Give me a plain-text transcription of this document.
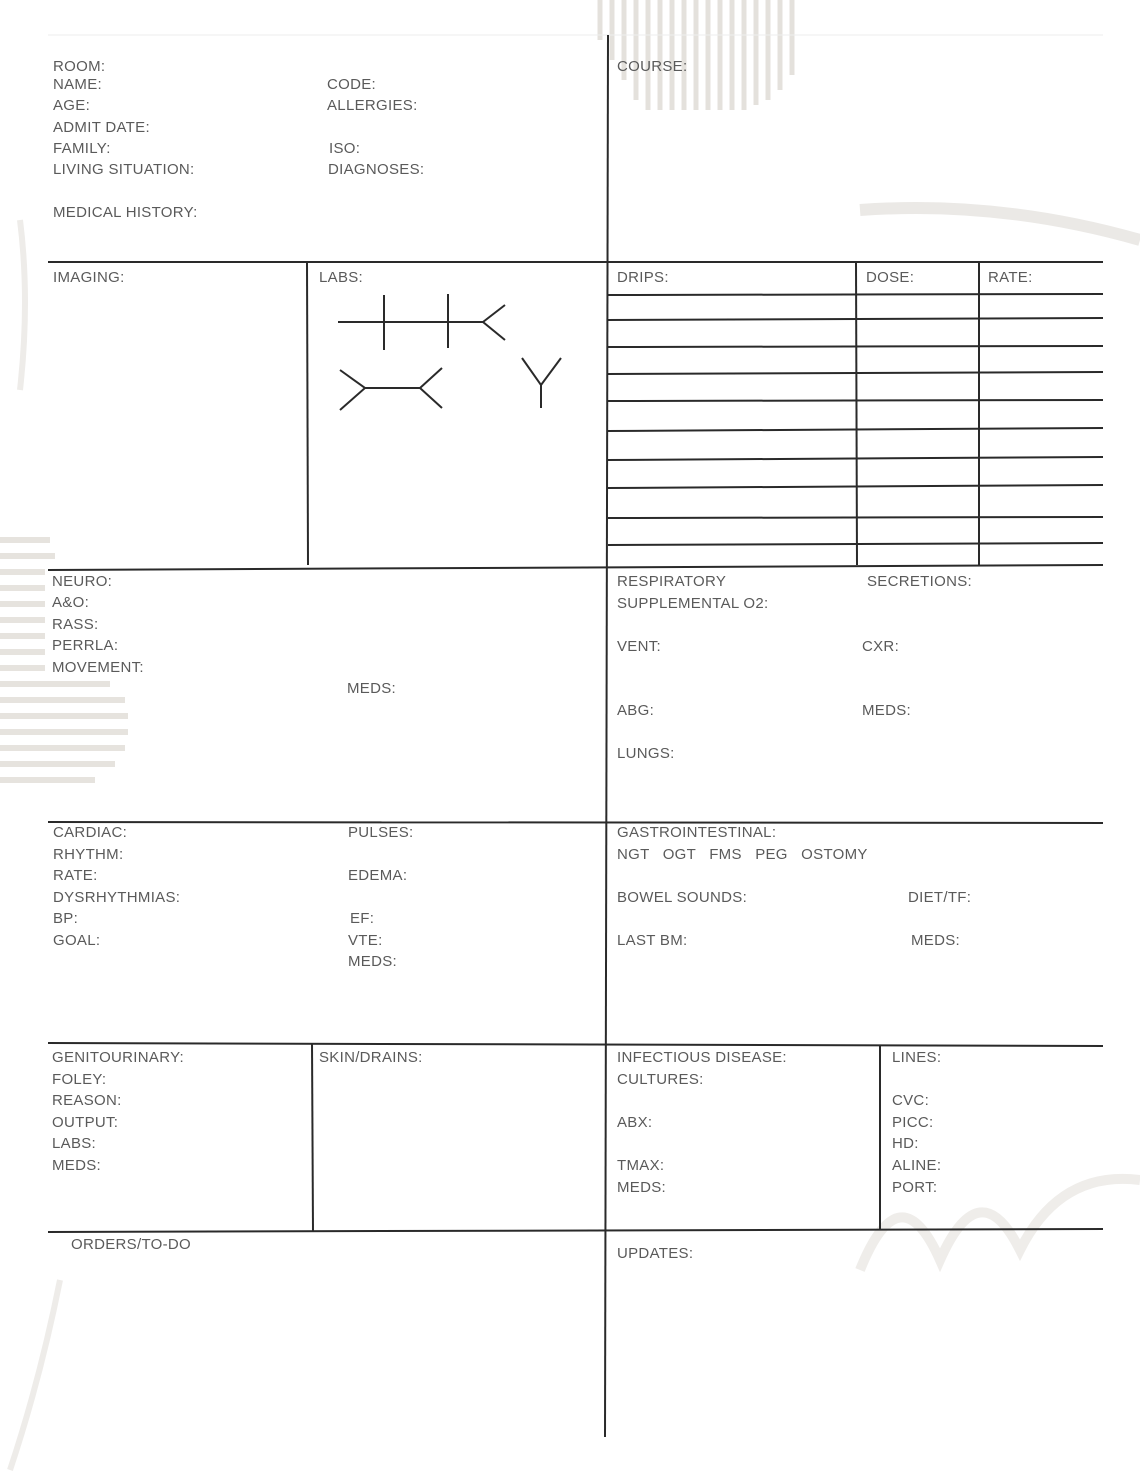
ROOM:
NAME:
AGE:
ADMIT DATE:
FAMILY:
LIVING SITUATION:
MEDICAL HISTORY:
CODE:
ALLERGIES:
ISO:
DIAGNOSES:
COURSE:
IMAGING:	LABS:	DRIPS:	DOSE:	RATE:
NEURO:
A&O:
RASS:
PERRLA:
MOVEMENT:
MEDS:
RESPIRATORY	SECRETIONS:
SUPPLEMENTAL O2:
VENT:	CXR:
ABG:	MEDS:
LUNGS:
CARDIAC:
RHYTHM:
RATE:
DYSRHYTHMIAS:
BP:
GOAL:
PULSES:
EDEMA:
EF:
VTE:
MEDS:
GASTROINTESTINAL:
NGT   OGT   FMS   PEG   OSTOMY
BOWEL SOUNDS:	DIET/TF:
LAST BM:	MEDS:
GENITOURINARY:
FOLEY:
REASON:
OUTPUT:
LABS:
MEDS:
SKIN/DRAINS:	INFECTIOUS DISEASE:
CULTURES:
ABX:
TMAX:
MEDS:
LINES:
CVC:
PICC:
HD:
ALINE:
PORT:
ORDERS/TO-DO
UPDATES:
